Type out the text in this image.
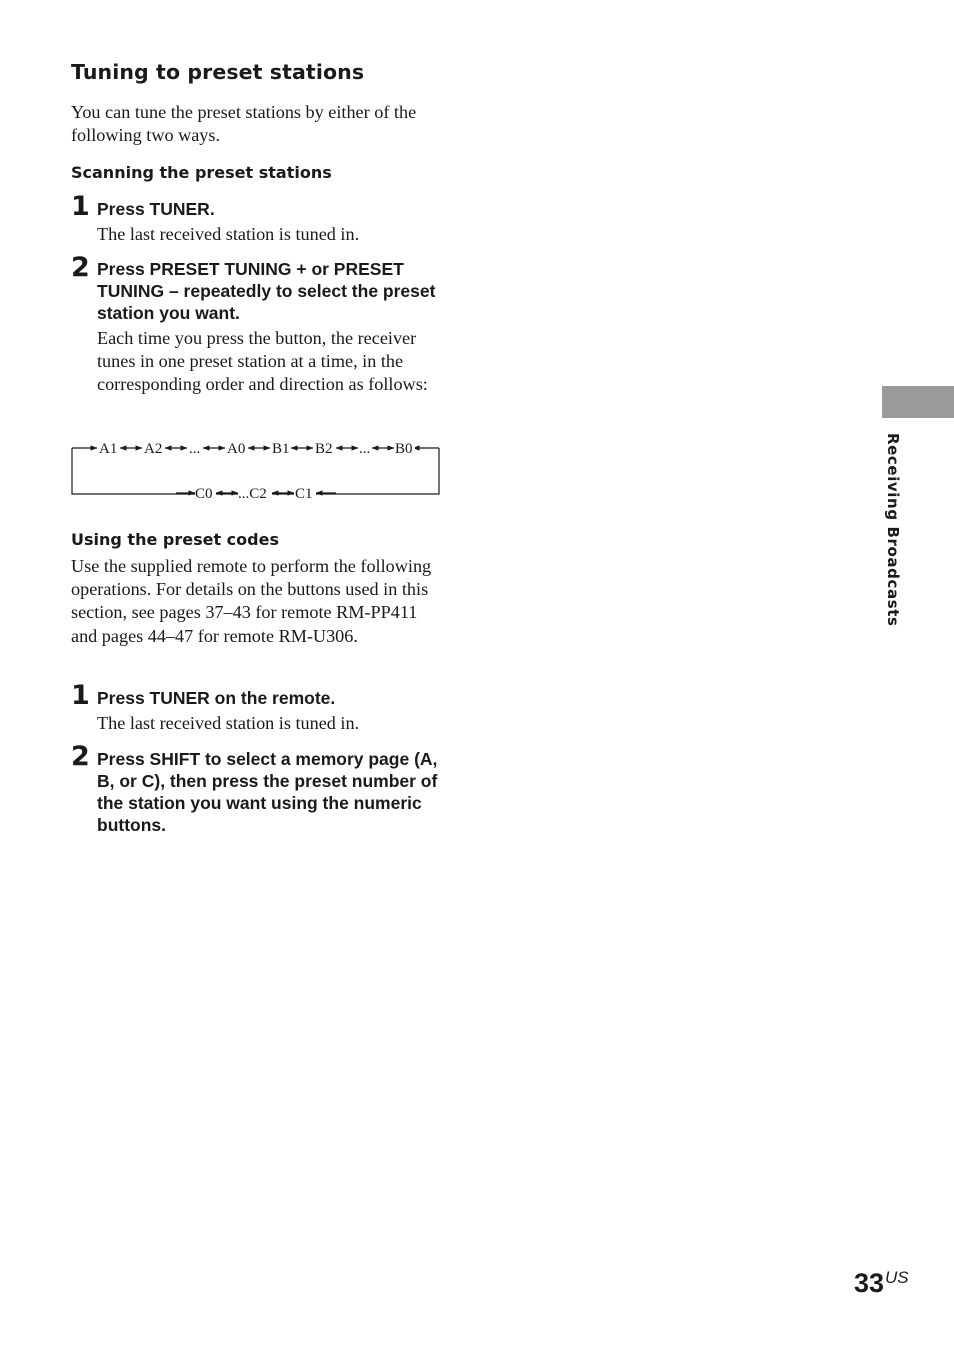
Tuning to preset stations

You can tune the preset stations by either of the following two ways.

Scanning the preset stations
1 Press TUNER.

The last received station is tuned in.

2 Press PRESET TUNING + or PRESET TUNING – repeatedly to select the preset station you want.

Each time you press the button, the receiver tunes in one preset station at a time, in the corresponding order and direction as follows:

A1 A2 ... A0 B1 B2 ... B0
C0 ...C2 C1
Using the preset codes

Use the supplied remote to perform the following operations. For details on the buttons used in this section, see pages 37–43 for remote RM-PP411 and pages 44–47 for remote RM-U306.

1 Press TUNER on the remote.

The last received station is tuned in.

2 Press SHIFT to select a memory page (A, B, or C), then press the preset number of the station you want using the numeric buttons.

Receiving Broadcasts
33 US
